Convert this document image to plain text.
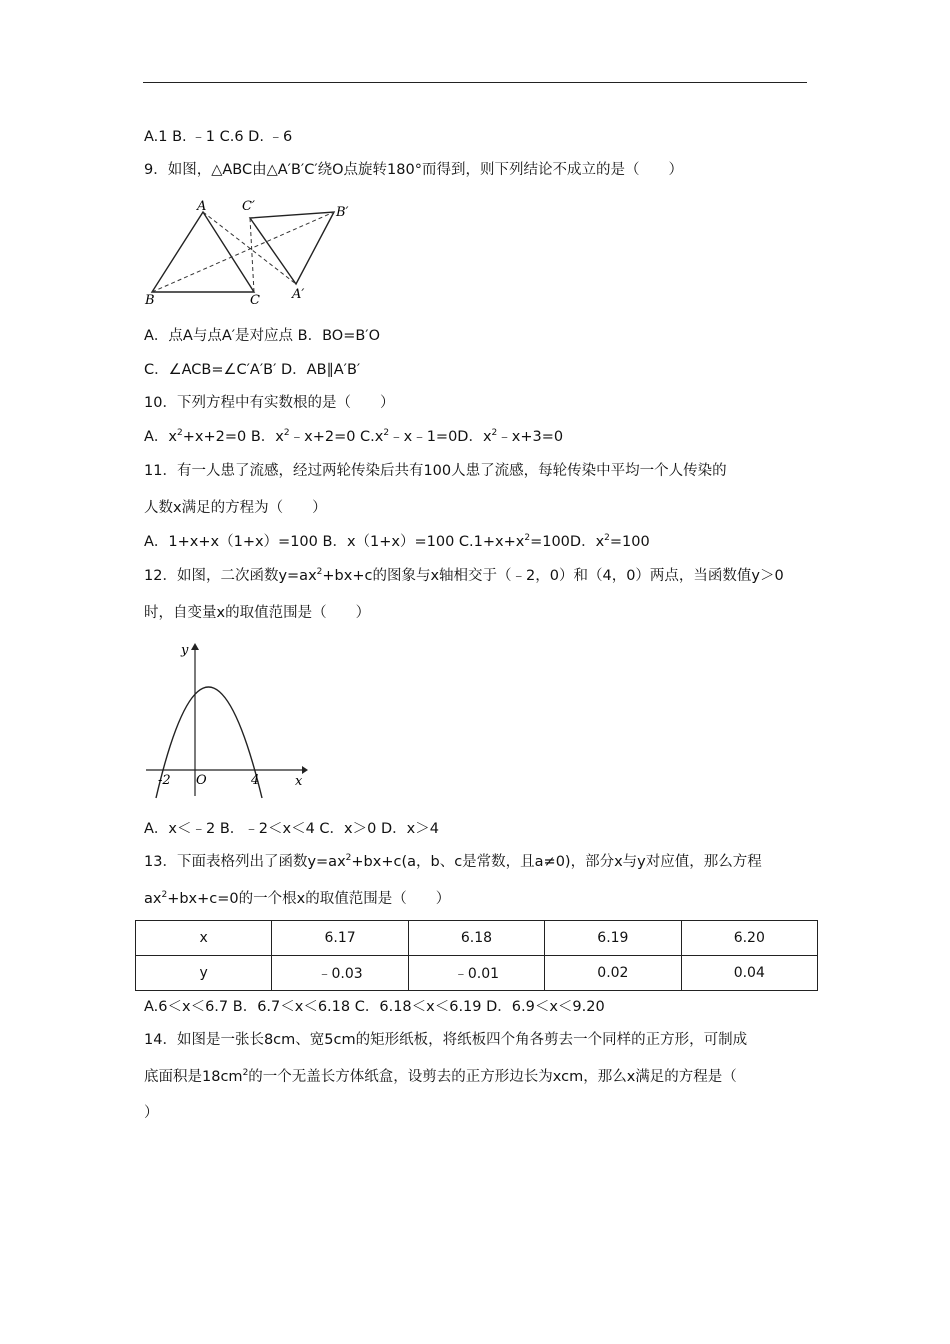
A.1 B. ﹣1 C.6 D. ﹣6
9．如图，△ABC由△A′B′C′绕O点旋转180°而得到，则下列结论不成立的是（　　）
A
B	C
C′	B′
A′
A．点A与点A′是对应点 B．BO=B′O
C．∠ACB=∠C′A′B′ D．AB∥A′B′
10．下列方程中有实数根的是（　　）
A．$x^2+x+2=0$ B．$x^2﹣x+2=0$ $C.x^2﹣x﹣1=0D$．$x^2﹣x+3=0$
11．有一人患了流感，经过两轮传染后共有100人患了流感，每轮传染中平均一个人传染的
人数x满足的方程为（　　）
A．1+x+x（1+x）=100 B．x（1+x）=100 $C.1+x+x^2=100D$．$x^2=100$
12．如图，二次函数$y=ax^2+bx+c$的图象与x轴相交于（﹣2，0）和（4，0）两点，当函数值y＞0
时，自变量x的取值范围是（　　）
y
x
O
-2	4
A．x＜﹣2 B．﹣2＜x＜4 C．x＞0 D．x＞4
13．下面表格列出了函数$y=ax^2+bx+c(a$，b、c是常数，且a≠0)，部分x与y对应值，那么方程
$ax^2+bx+c=0$的一个根x的取值范围是（　　）
x	6.17	6.18	6.19	6.20
y	﹣0.03	﹣0.01	0.02	0.04
A.6＜x＜6.7 B．6.7＜x＜6.18 C．6.18＜x＜6.19 D．6.9＜x＜9.20
14．如图是一张长8cm、宽5cm的矩形纸板，将纸板四个角各剪去一个同样的正方形，可制成
底面积是$18cm^2$的一个无盖长方体纸盒，设剪去的正方形边长为xcm，那么x满足的方程是（
）
